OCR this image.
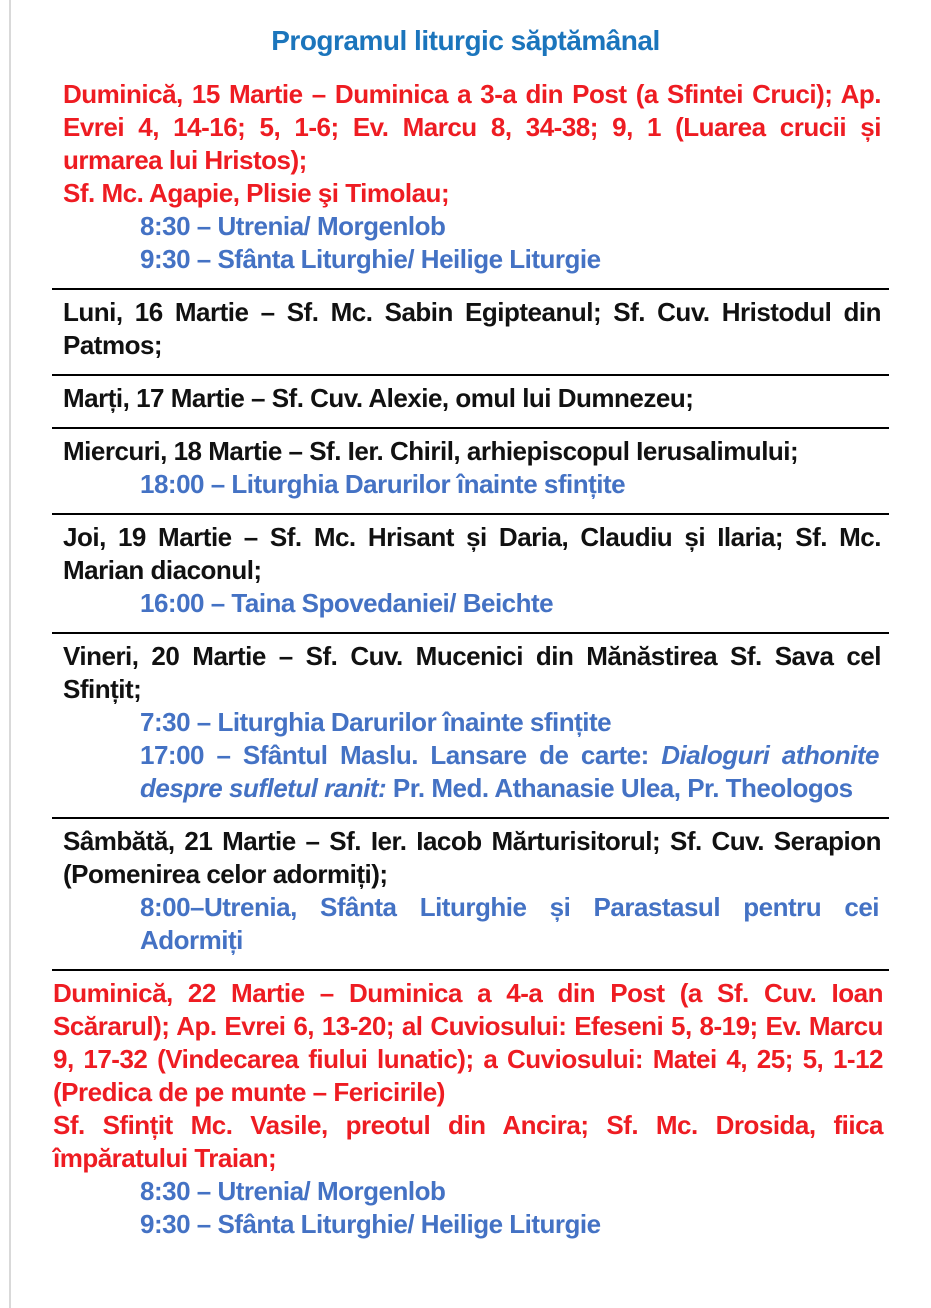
Programul liturgic săptămânal

Duminică, 15 Martie – Duminica a 3-a din Post (a Sfintei Cruci); Ap. Evrei 4, 14-16; 5, 1-6; Ev. Marcu 8, 34-38; 9, 1 (Luarea crucii și urmarea lui Hristos);

Sf. Mc. Agapie, Plisie şi Timolau;

8:30 – Utrenia/ Morgenlob

9:30 – Sfânta Liturghie/ Heilige Liturgie

Luni, 16 Martie – Sf. Mc. Sabin Egipteanul; Sf. Cuv. Hristodul din Patmos;

Marți, 17 Martie – Sf. Cuv. Alexie, omul lui Dumnezeu;

Miercuri, 18 Martie – Sf. Ier. Chiril, arhiepiscopul Ierusalimului;

18:00 – Liturghia Darurilor înainte sfințite

Joi, 19 Martie – Sf. Mc. Hrisant și Daria, Claudiu și Ilaria; Sf. Mc. Marian diaconul;

16:00 – Taina Spovedaniei/ Beichte

Vineri, 20 Martie – Sf. Cuv. Mucenici din Mănăstirea Sf. Sava cel Sfințit;

7:30 – Liturghia Darurilor înainte sfințite

17:00 – Sfântul Maslu. Lansare de carte: Dialoguri athonite despre sufletul ranit: Pr. Med. Athanasie Ulea, Pr. Theologos

Sâmbătă, 21 Martie – Sf. Ier. Iacob Mărturisitorul; Sf. Cuv. Serapion (Pomenirea celor adormiți);

8:00–Utrenia, Sfânta Liturghie și Parastasul pentru cei Adormiți

Duminică, 22 Martie – Duminica a 4-a din Post (a Sf. Cuv. Ioan Scărarul); Ap. Evrei 6, 13-20; al Cuviosului: Efeseni 5, 8-19; Ev. Marcu 9, 17-32 (Vindecarea fiului lunatic); a Cuviosului: Matei 4, 25; 5, 1-12 (Predica de pe munte – Fericirile)

Sf. Sfințit Mc. Vasile, preotul din Ancira; Sf. Mc. Drosida, fiica împăratului Traian;

8:30 – Utrenia/ Morgenlob

9:30 – Sfânta Liturghie/ Heilige Liturgie
